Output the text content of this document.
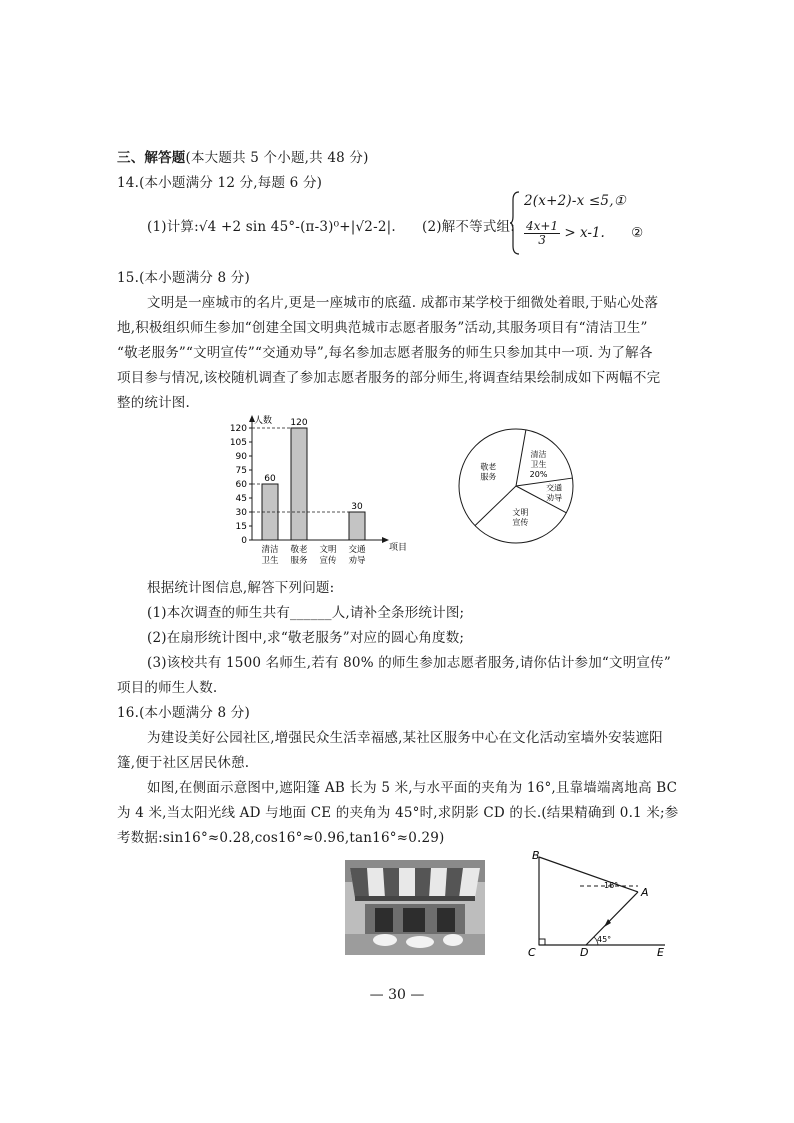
三、解答题(本大题共 5 个小题,共 48 分)
14.(本小题满分 12 分,每题 6 分)
(1)计算:√4 +2 sin 45°-(π-3)⁰+|√2-2|. (2)解不等式组:
2(x+2)-x ≤5,①
$\frac{4x+1}{3} > x-1$. ②
15.(本小题满分 8 分)
文明是一座城市的名片,更是一座城市的底蕴. 成都市某学校于细微处着眼,于贴心处落
地,积极组织师生参加“创建全国文明典范城市志愿者服务”活动,其服务项目有“清洁卫生”
“敬老服务”“文明宣传”“交通劝导”,每名参加志愿者服务的师生只参加其中一项. 为了解各
项目参与情况,该校随机调查了参加志愿者服务的部分师生,将调查结果绘制成如下两幅不完
整的统计图.
人数
项目
0
15
30
45
60
75
90
105
120
60
清洁
卫生
120
敬老
服务
文明
宣传
30
交通
劝导
清洁
卫生
20%
交通
劝导
文明
宣传
敬老
服务
根据统计图信息,解答下列问题:
(1)本次调查的师生共有______人,请补全条形统计图;
(2)在扇形统计图中,求“敬老服务”对应的圆心角度数;
(3)该校共有 1500 名师生,若有 80% 的师生参加志愿者服务,请你估计参加“文明宣传”
项目的师生人数.
16.(本小题满分 8 分)
为建设美好公园社区,增强民众生活幸福感,某社区服务中心在文化活动室墙外安装遮阳
篷,便于社区居民休憩.
如图,在侧面示意图中,遮阳篷 AB 长为 5 米,与水平面的夹角为 16°,且靠墙端离地高 BC
为 4 米,当太阳光线 AD 与地面 CE 的夹角为 45°时,求阴影 CD 的长.(结果精确到 0.1 米;参
考数据:sin16°≈0.28,cos16°≈0.96,tan16°≈0.29)
B
A
C	D	E
16°
45°
— 30 —
